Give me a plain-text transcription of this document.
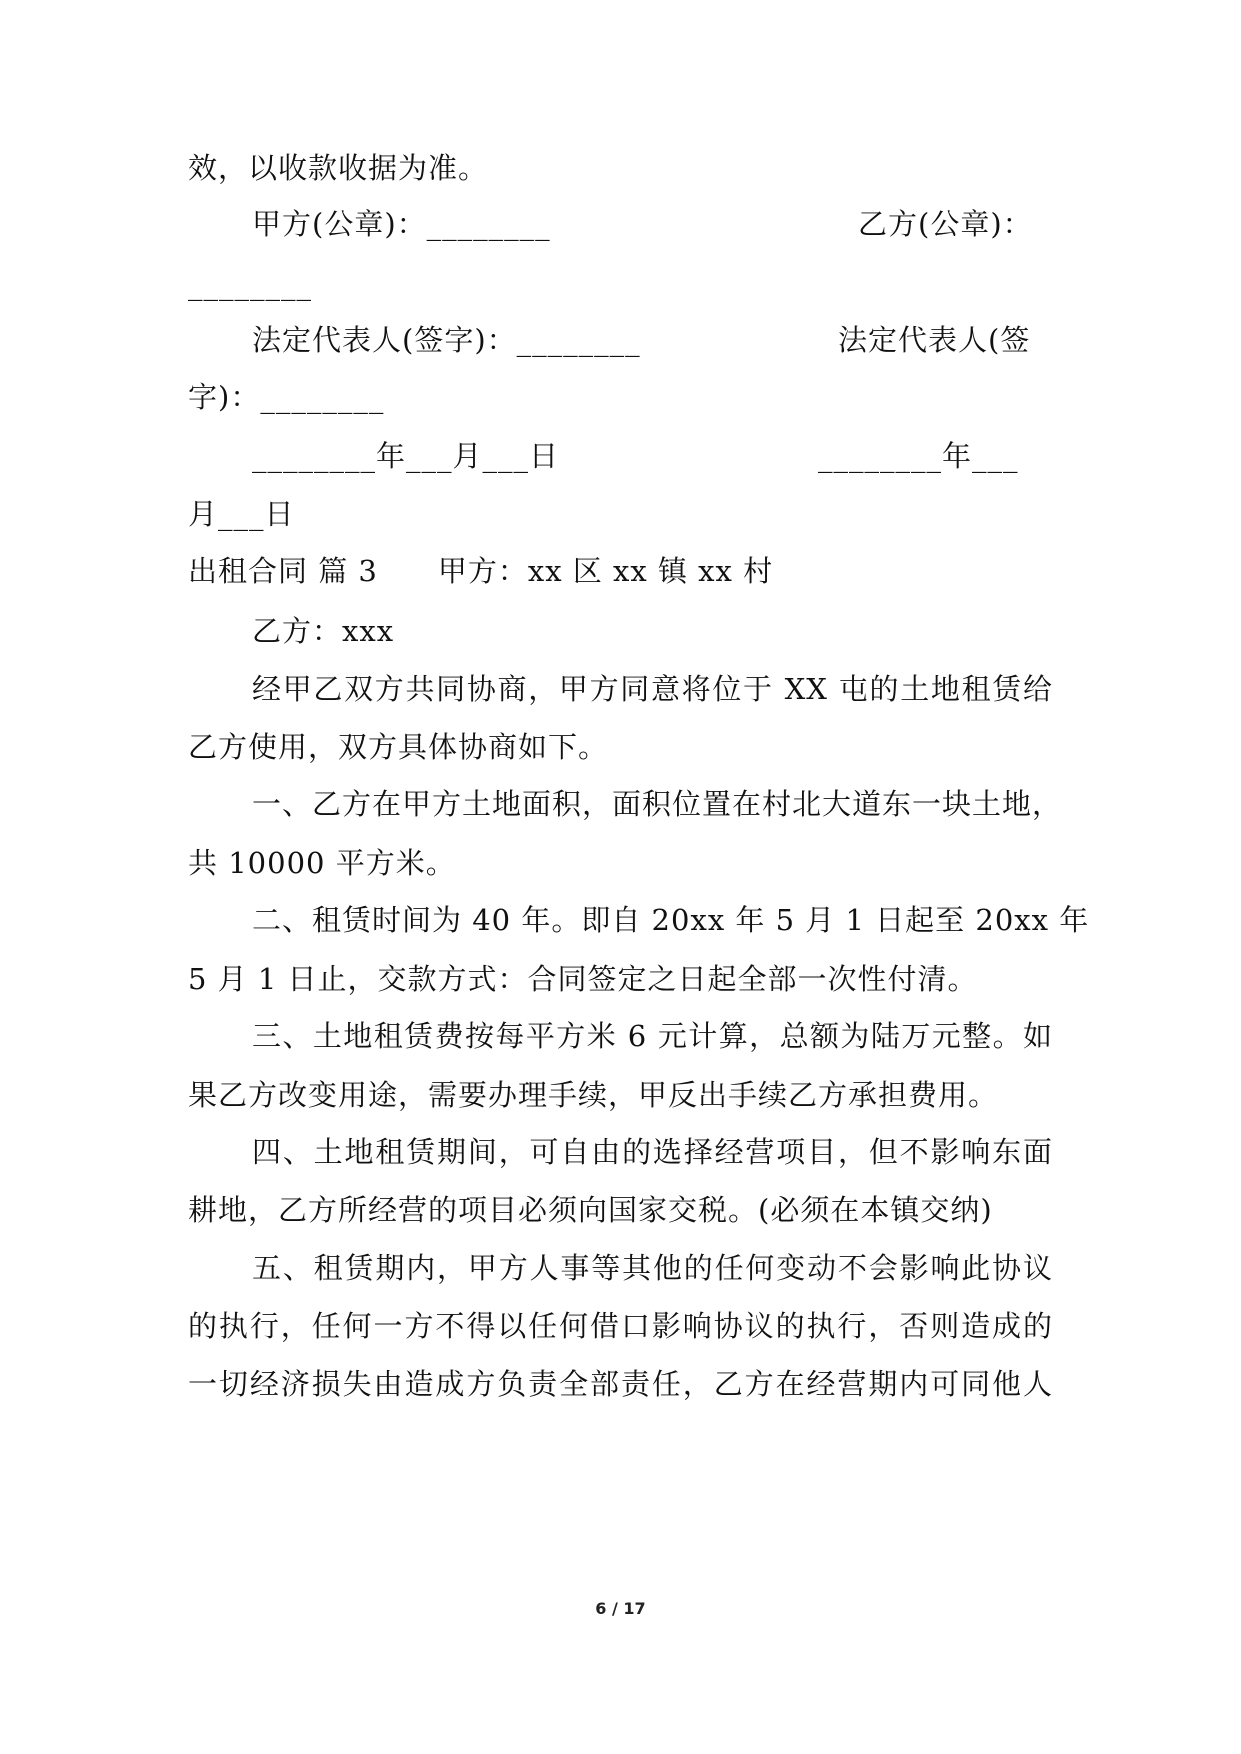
效，以收款收据为准。

甲方(公章)：________	乙方(公章)：

________

法定代表人(签字)：________	法定代表人(签

字)：________

________年___月___日	________年___

月___日

出租合同 篇 3 甲方：xx 区 xx 镇 xx 村

乙方：xxx

经甲乙双方共同协商，甲方同意将位于 XX 屯的土地租赁给

乙方使用，双方具体协商如下。

一、乙方在甲方土地面积，面积位置在村北大道东一块土地，

共 10000 平方米。

二、租赁时间为 40 年。即自 20xx 年 5 月 1 日起至 20xx 年

5 月 1 日止，交款方式：合同签定之日起全部一次性付清。

三、土地租赁费按每平方米 6 元计算，总额为陆万元整。如

果乙方改变用途，需要办理手续，甲反出手续乙方承担费用。

四、土地租赁期间，可自由的选择经营项目，但不影响东面

耕地，乙方所经营的项目必须向国家交税。(必须在本镇交纳)

五、租赁期内，甲方人事等其他的任何变动不会影响此协议

的执行，任何一方不得以任何借口影响协议的执行，否则造成的

一切经济损失由造成方负责全部责任，乙方在经营期内可同他人

6 / 17
